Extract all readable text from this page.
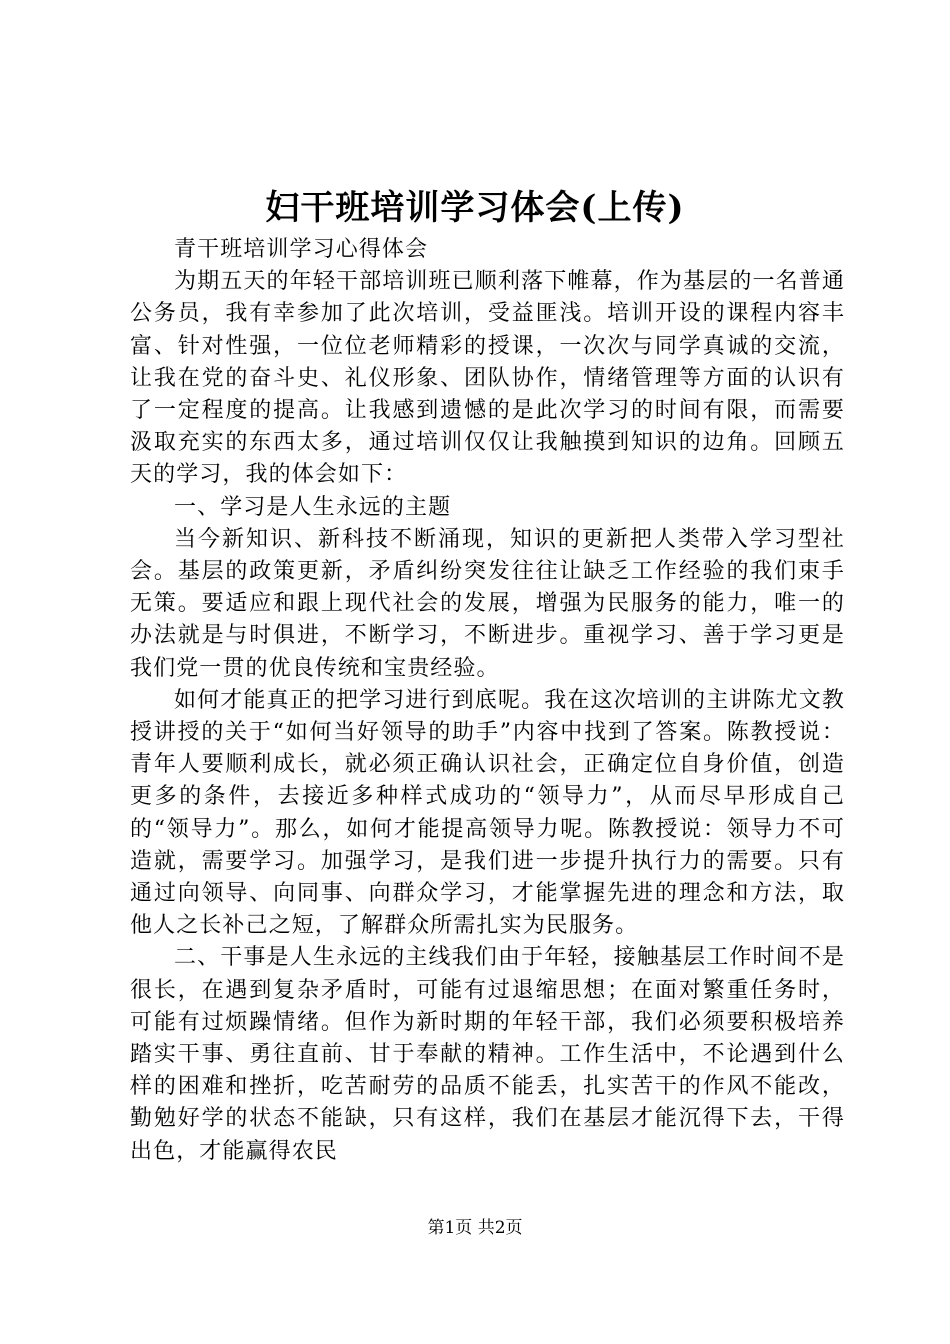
妇干班培训学习体会(上传)

青干班培训学习心得体会

为期五天的年轻干部培训班已顺利落下帷幕，作为基层的一名普通公务员，我有幸参加了此次培训，受益匪浅。培训开设的课程内容丰富、针对性强，一位位老师精彩的授课，一次次与同学真诚的交流，让我在党的奋斗史、礼仪形象、团队协作，情绪管理等方面的认识有了一定程度的提高。让我感到遗憾的是此次学习的时间有限，而需要汲取充实的东西太多，通过培训仅仅让我触摸到知识的边角。回顾五天的学习，我的体会如下：

一、学习是人生永远的主题

当今新知识、新科技不断涌现，知识的更新把人类带入学习型社会。基层的政策更新，矛盾纠纷突发往往让缺乏工作经验的我们束手无策。要适应和跟上现代社会的发展，增强为民服务的能力，唯一的办法就是与时俱进，不断学习，不断进步。重视学习、善于学习更是我们党一贯的优良传统和宝贵经验。

如何才能真正的把学习进行到底呢。我在这次培训的主讲陈尤文教授讲授的关于“如何当好领导的助手”内容中找到了答案。陈教授说：青年人要顺利成长，就必须正确认识社会，正确定位自身价值，创造更多的条件，去接近多种样式成功的“领导力”，从而尽早形成自己的“领导力”。那么，如何才能提高领导力呢。陈教授说：领导力不可造就，需要学习。加强学习，是我们进一步提升执行力的需要。只有通过向领导、向同事、向群众学习，才能掌握先进的理念和方法，取他人之长补己之短，了解群众所需扎实为民服务。

二、干事是人生永远的主线我们由于年轻，接触基层工作时间不是很长，在遇到复杂矛盾时，可能有过退缩思想；在面对繁重任务时，可能有过烦躁情绪。但作为新时期的年轻干部，我们必须要积极培养踏实干事、勇往直前、甘于奉献的精神。工作生活中，不论遇到什么样的困难和挫折，吃苦耐劳的品质不能丢，扎实苦干的作风不能改，勤勉好学的状态不能缺，只有这样，我们在基层才能沉得下去，干得出色，才能赢得农民

第1页 共2页
